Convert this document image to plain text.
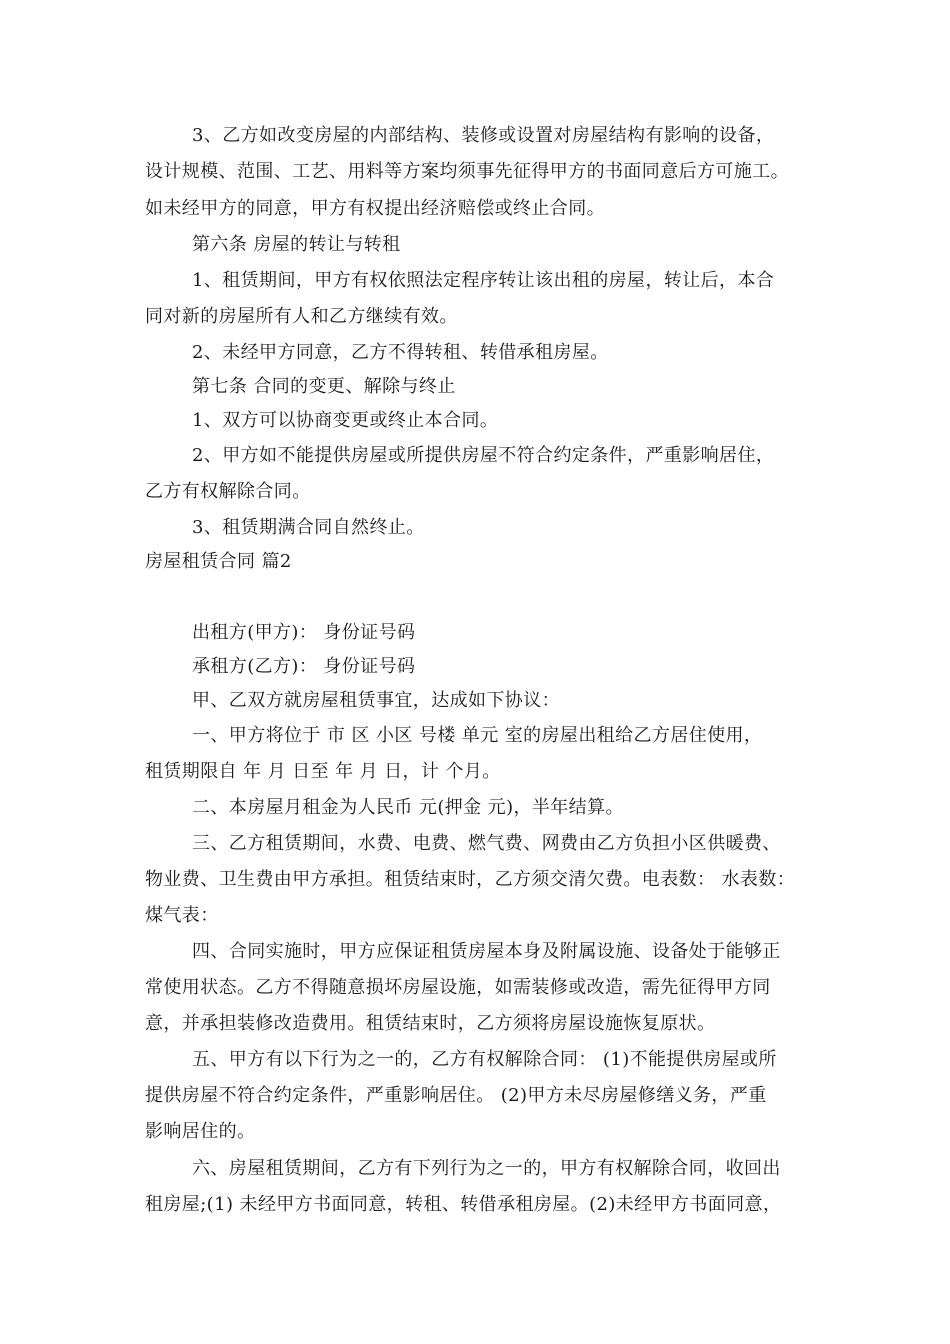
3、乙方如改变房屋的内部结构、装修或设置对房屋结构有影响的设备，
设计规模、范围、工艺、用料等方案均须事先征得甲方的书面同意后方可施工。
如未经甲方的同意，甲方有权提出经济赔偿或终止合同。
第六条 房屋的转让与转租
1、租赁期间，甲方有权依照法定程序转让该出租的房屋，转让后，本合
同对新的房屋所有人和乙方继续有效。
2、未经甲方同意，乙方不得转租、转借承租房屋。
第七条 合同的变更、解除与终止
1、双方可以协商变更或终止本合同。
2、甲方如不能提供房屋或所提供房屋不符合约定条件，严重影响居住，
乙方有权解除合同。
3、租赁期满合同自然终止。
房屋租赁合同 篇2
出租方(甲方)： 身份证号码
承租方(乙方)： 身份证号码
甲、乙双方就房屋租赁事宜，达成如下协议：
一、甲方将位于 市 区 小区 号楼 单元 室的房屋出租给乙方居住使用，
租赁期限自 年 月 日至 年 月 日，计 个月。
二、本房屋月租金为人民币 元(押金 元)，半年结算。
三、乙方租赁期间，水费、电费、燃气费、网费由乙方负担小区供暖费、
物业费、卫生费由甲方承担。租赁结束时，乙方须交清欠费。电表数： 水表数：
煤气表：
四、合同实施时，甲方应保证租赁房屋本身及附属设施、设备处于能够正
常使用状态。乙方不得随意损坏房屋设施，如需装修或改造，需先征得甲方同
意，并承担装修改造费用。租赁结束时，乙方须将房屋设施恢复原状。
五、甲方有以下行为之一的，乙方有权解除合同： (1)不能提供房屋或所
提供房屋不符合约定条件，严重影响居住。 (2)甲方未尽房屋修缮义务，严重
影响居住的。
六、房屋租赁期间，乙方有下列行为之一的，甲方有权解除合同，收回出
租房屋;(1) 未经甲方书面同意，转租、转借承租房屋。(2)未经甲方书面同意，
